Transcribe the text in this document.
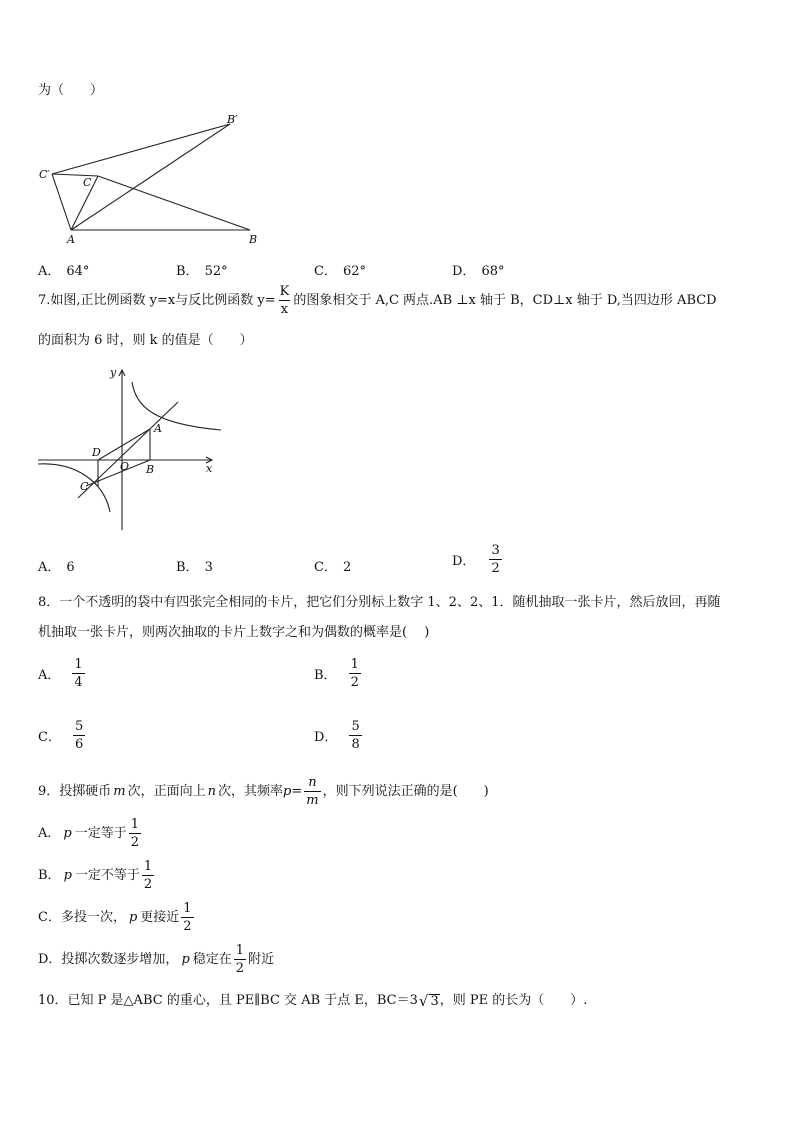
为（　　）
B′
C′
C
A	B
A． 64°	B． 52°	C． 62°	D． 68°
7.如图,正比例函数 y=x与反比例函数 $y= \frac{K}{x}$ 的图象相交于 A,C 两点.AB ⊥x 轴于 B，CD⊥x 轴于 D,当四边形 ABCD
的面积为 6 时，则 k 的值是（　　）
y
x
A
D
O B
C
A． 6	B． 3	C． 2	D． $\frac{3}{2}$
8．一个不透明的袋中有四张完全相同的卡片，把它们分别标上数字 1、2、2、1．随机抽取一张卡片，然后放回，再随
机抽取一张卡片，则两次抽取的卡片上数字之和为偶数的概率是(　 )
A． $\frac{1}{4}$	B． $\frac{1}{2}$
C． $\frac{5}{6}$	D． $\frac{5}{8}$
9．投掷硬币 m 次，正面向上 n 次，其频率 $p= \frac{n}{m}$ ，则下列说法正确的是(　　)
A． p 一定等于 $\frac{1}{2}$
B． p 一定不等于 $\frac{1}{2}$
C．多投一次， p 更接近 $\frac{1}{2}$
D．投掷次数逐步增加， p 稳定在 $\frac{1}{2}$ 附近
10．已知 P 是△ABC 的重心，且 PE∥BC 交 AB 于点 E，BC＝ 3 √ 3 ，则 PE 的长为（　　）.
